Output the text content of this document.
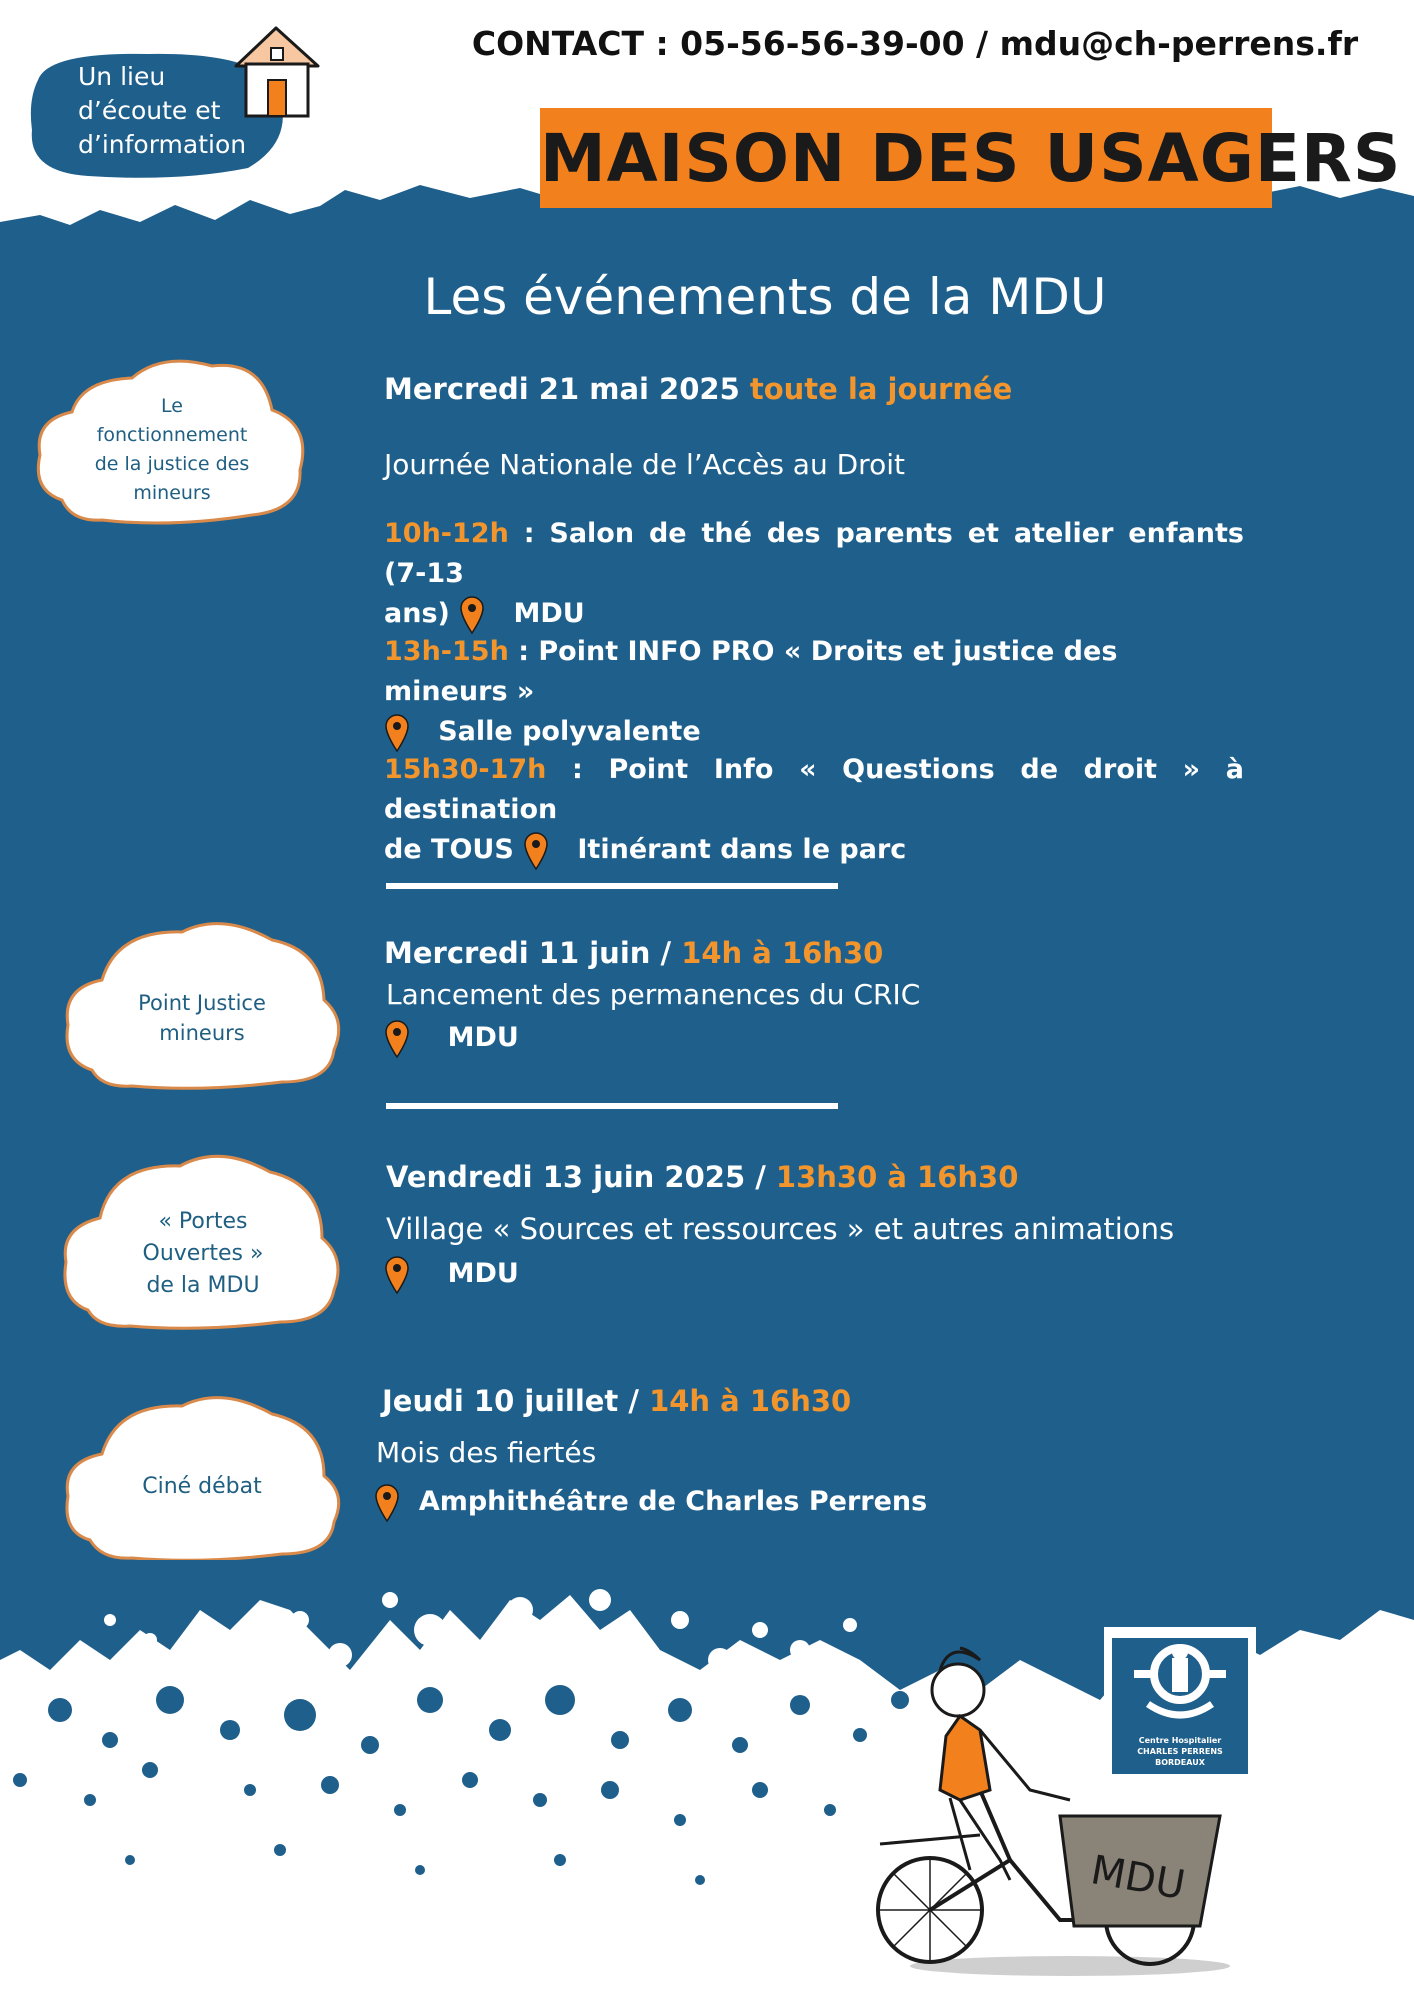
Un lieu
d’écoute et
d’information
CONTACT : 05-56-56-39-00 / mdu@ch-perrens.fr
MAISON DES USAGERS
Les événements de la MDU
Le
fonctionnement
de la justice des
mineurs
Point Justice
mineurs
« Portes
Ouvertes »
de la MDU
Ciné débat
Mercredi 21 mai 2025 toute la journée
Journée Nationale de l’Accès au Droit
10h-12h : Salon de thé des parents et atelier enfants (7-13
ans) MDU
13h-15h : Point INFO PRO « Droits et justice des mineurs »
Salle polyvalente
15h30-17h : Point Info « Questions de droit » à destination
de TOUS Itinérant dans le parc
Mercredi 11 juin / 14h à 16h30
Lancement des permanences du CRIC
MDU
Vendredi 13 juin 2025 / 13h30 à 16h30
Village « Sources et ressources » et autres animations
MDU
Jeudi 10 juillet / 14h à 16h30
Mois des fiertés
Amphithéâtre de Charles Perrens
MDU
Centre Hospitalier
CHARLES PERRENS
BORDEAUX
